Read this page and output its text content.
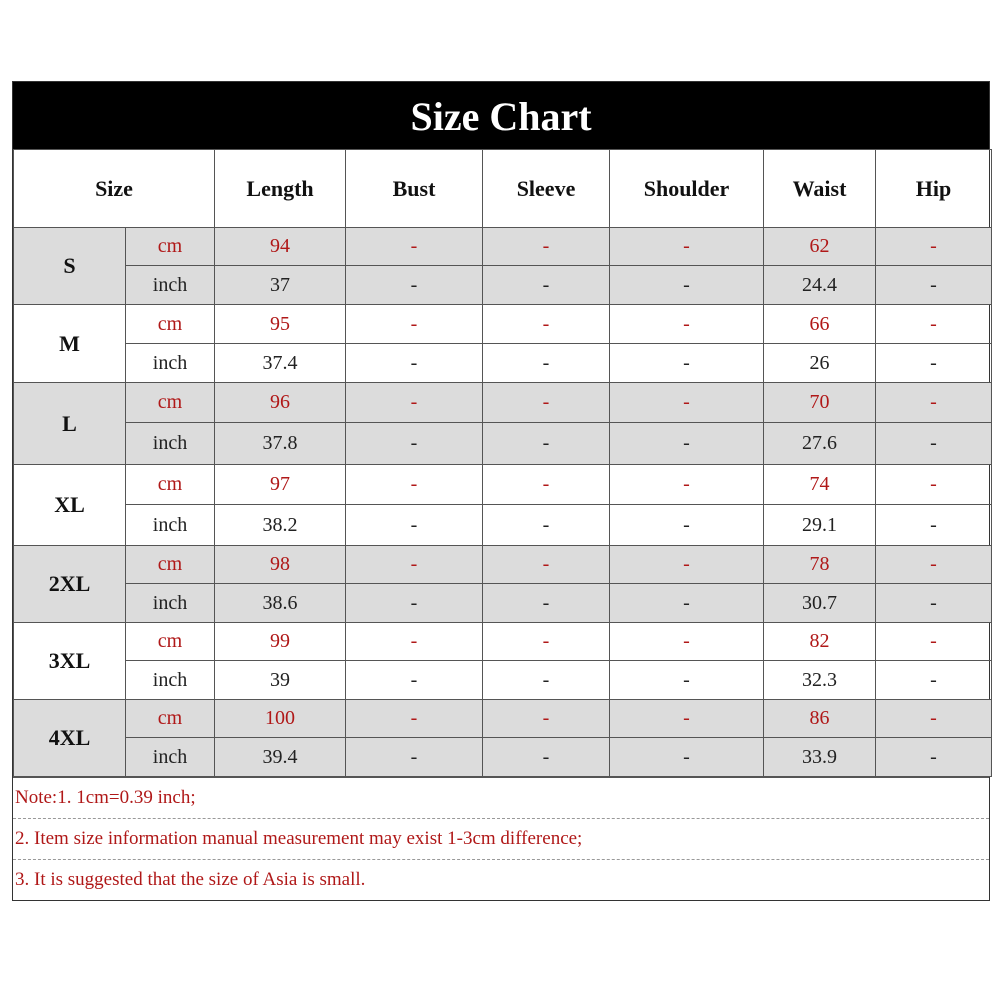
Size Chart
Size		Length	Bust	Sleeve	Shoulder	Waist	Hip
S	cm	94	-	-	-	62	-
	inch	37	-	-	-	24.4	-
M	cm	95	-	-	-	66	-
	inch	37.4	-	-	-	26	-
L	cm	96	-	-	-	70	-
	inch	37.8	-	-	-	27.6	-
XL	cm	97	-	-	-	74	-
	inch	38.2	-	-	-	29.1	-
2XL	cm	98	-	-	-	78	-
	inch	38.6	-	-	-	30.7	-
3XL	cm	99	-	-	-	82	-
	inch	39	-	-	-	32.3	-
4XL	cm	100	-	-	-	86	-
	inch	39.4	-	-	-	33.9	-
Note:1. 1cm=0.39 inch;
2. Item size information manual measurement may exist 1-3cm difference;
3. It is suggested that the size of Asia is small.
